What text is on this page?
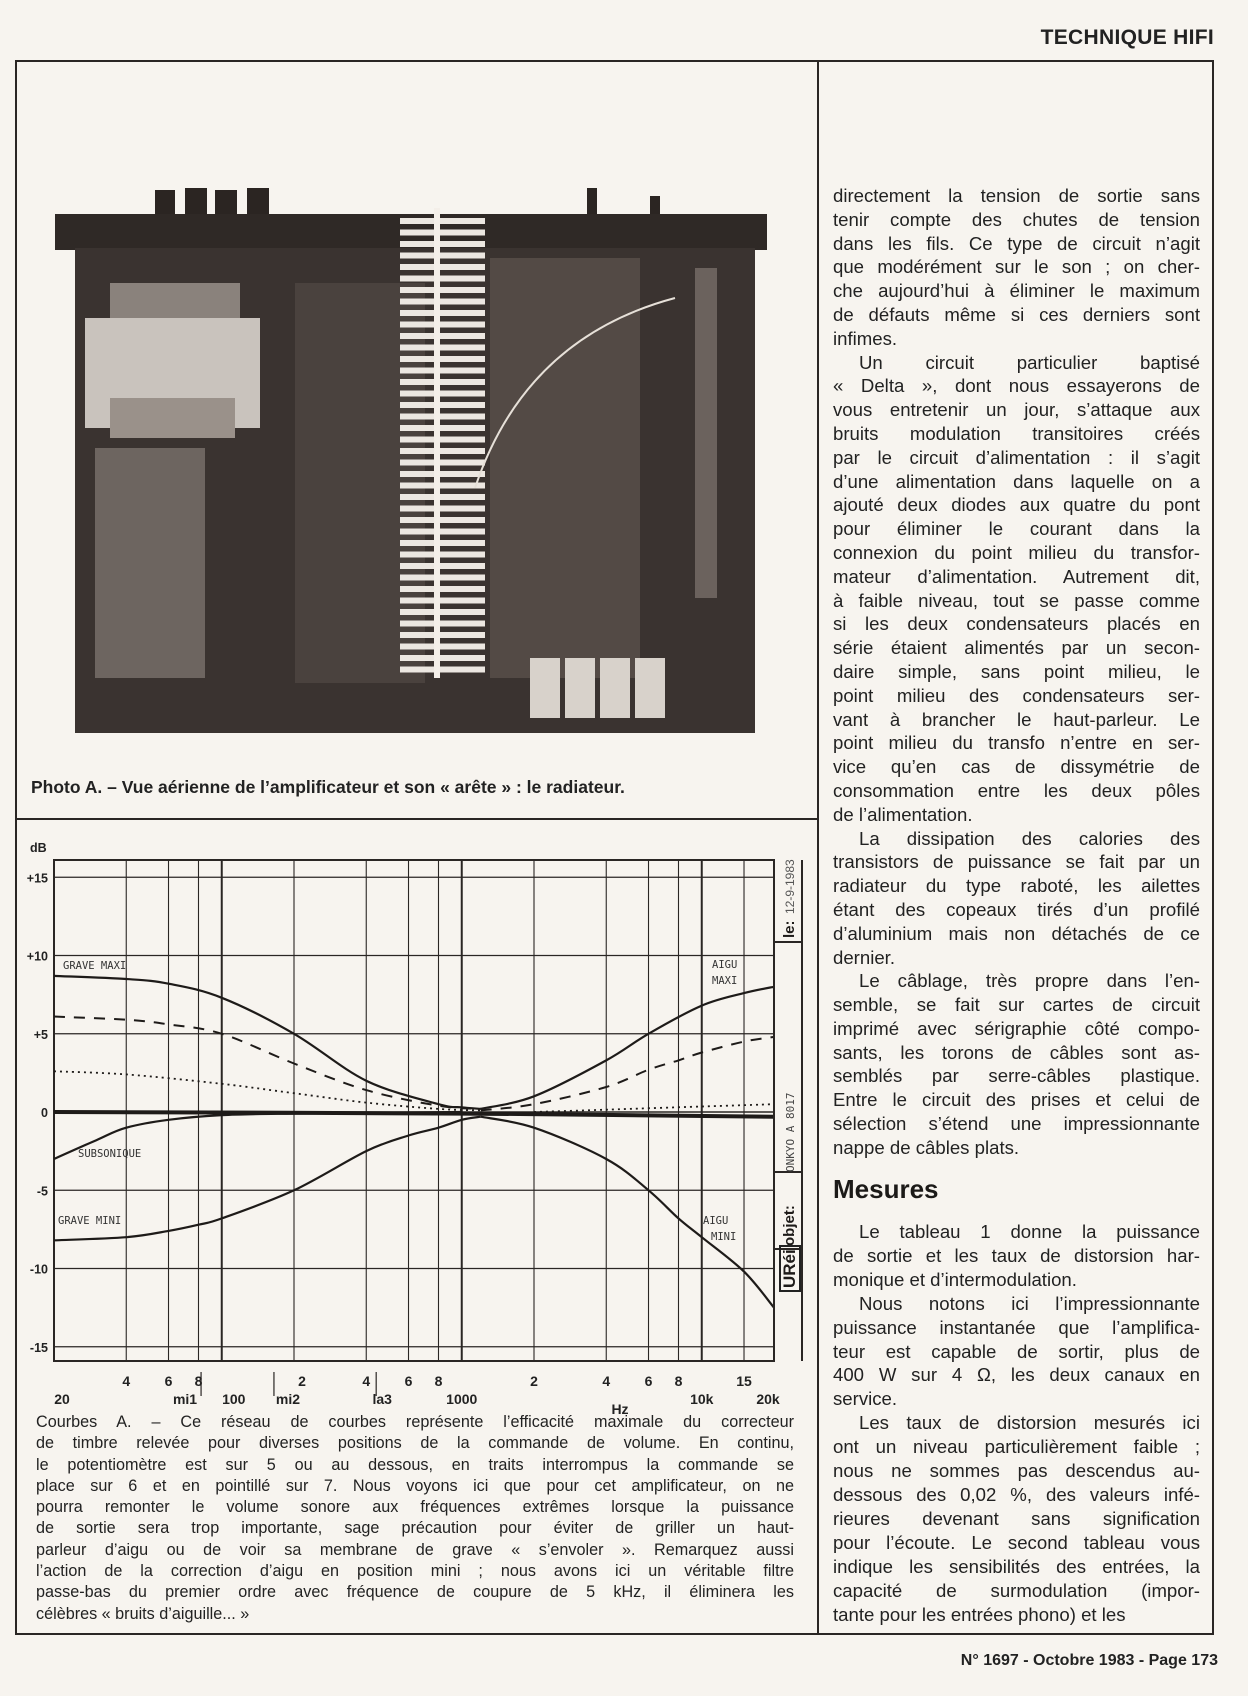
TECHNIQUE HIFI
Photo A. – Vue aérienne de l’amplificateur et son « arête » : le radiateur.
+15
+10
+5
0
-5
-10
-15
dB
4 6 8	2	4 6 8	2	4 6 8	15
20	100	1000	10k	20k
mi1	mi2	la3
Hz
GRAVE MAXI	AIGU
MAXI
SUBSONIQUE
GRAVE MINI	AIGU
MINI
le:
12-9-1983
objet:
ONKYO A 8017
URéi
Courbes A. – Ce réseau de courbes représente l’efficacité maximale du correcteur
de timbre relevée pour diverses positions de la commande de volume. En continu,
le potentiomètre est sur 5 ou au dessous, en traits interrompus la commande se
place sur 6 et en pointillé sur 7. Nous voyons ici que pour cet amplificateur, on ne
pourra remonter le volume sonore aux fréquences extrêmes lorsque la puissance
de sortie sera trop importante, sage précaution pour éviter de griller un haut-
parleur d’aigu ou de voir sa membrane de grave « s’envoler ». Remarquez aussi
l’action de la correction d’aigu en position mini ; nous avons ici un véritable filtre
passe-bas du premier ordre avec fréquence de coupure de 5 kHz, il éliminera les
célèbres « bruits d’aiguille... »
directement la tension de sortie sans
tenir compte des chutes de tension
dans les fils. Ce type de circuit n’agit
que modérément sur le son ; on cher-
che aujourd’hui à éliminer le maximum
de défauts même si ces derniers sont
infimes.
Un circuit particulier baptisé
« Delta », dont nous essayerons de
vous entretenir un jour, s’attaque aux
bruits modulation transitoires créés
par le circuit d’alimentation : il s’agit
d’une alimentation dans laquelle on a
ajouté deux diodes aux quatre du pont
pour éliminer le courant dans la
connexion du point milieu du transfor-
mateur d’alimentation. Autrement dit,
à faible niveau, tout se passe comme
si les deux condensateurs placés en
série étaient alimentés par un secon-
daire simple, sans point milieu, le
point milieu des condensateurs ser-
vant à brancher le haut-parleur. Le
point milieu du transfo n’entre en ser-
vice qu’en cas de dissymétrie de
consommation entre les deux pôles
de l’alimentation.
La dissipation des calories des
transistors de puissance se fait par un
radiateur du type raboté, les ailettes
étant des copeaux tirés d’un profilé
d’aluminium mais non détachés de ce
dernier.
Le câblage, très propre dans l’en-
semble, se fait sur cartes de circuit
imprimé avec sérigraphie côté compo-
sants, les torons de câbles sont as-
semblés par serre-câbles plastique.
Entre le circuit des prises et celui de
sélection s’étend une impressionnante
nappe de câbles plats.
Mesures
Le tableau 1 donne la puissance
de sortie et les taux de distorsion har-
monique et d’intermodulation.
Nous notons ici l’impressionnante
puissance instantanée que l’amplifica-
teur est capable de sortir, plus de
400 W sur 4 Ω, les deux canaux en
service.
Les taux de distorsion mesurés ici
ont un niveau particulièrement faible ;
nous ne sommes pas descendus au-
dessous des 0,02 %, des valeurs infé-
rieures devenant sans signification
pour l’écoute. Le second tableau vous
indique les sensibilités des entrées, la
capacité de surmodulation (impor-
tante pour les entrées phono) et les
N° 1697 - Octobre 1983 - Page 173
